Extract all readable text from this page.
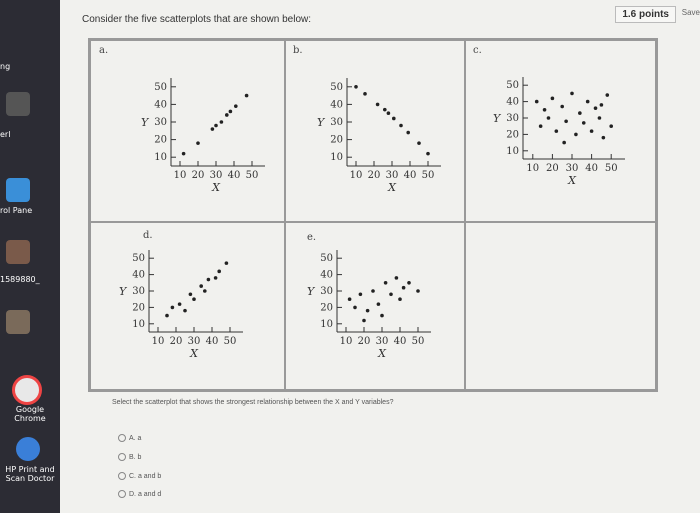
ng
erl
rol Pane
1589880_
Google Chrome
HP Print and Scan Doctor
1.6 points	Save
Consider the five scatterplots that are shown below:
a.
50
40
30
20
10
10 20 30 40 50
Y
X
b.
50
40
30
20
10
10 20 30 40 50
Y
X
c.
50
40
30
20
10
10 20 30 40 50
Y
X
d.
50
40
30
20
10
10 20 30 40 50
Y
X
e.
50
40
30
20
10
10 20 30 40 50
Y
X
Select the scatterplot that shows the strongest relationship between the X and Y variables?
A. a
B. b
C. a and b
D. a and d
